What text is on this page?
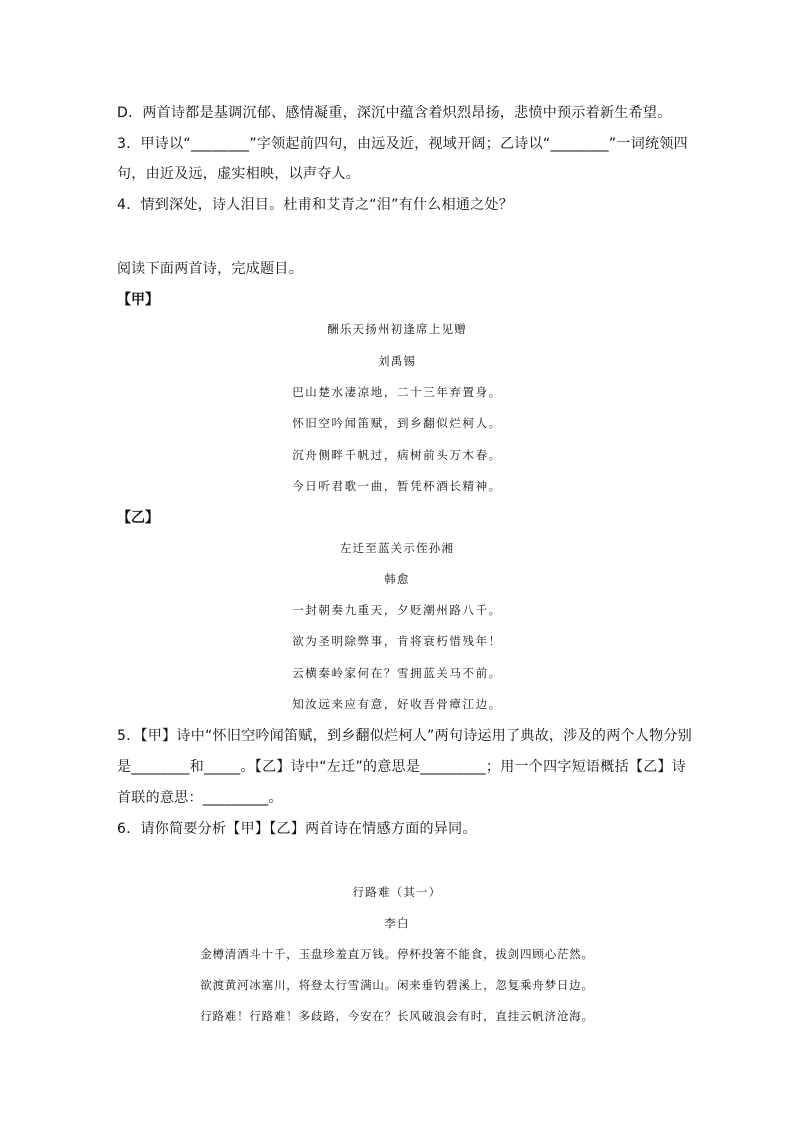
D．两首诗都是基调沉郁、感情凝重，深沉中蕴含着炽烈昂扬，悲愤中预示着新生希望。
3．甲诗以“________”字领起前四句，由远及近，视域开阔；乙诗以“________”一词统领四
句，由近及远，虚实相映，以声夺人。
4．情到深处，诗人泪目。杜甫和艾青之“泪”有什么相通之处？
阅读下面两首诗，完成题目。
【甲】
酬乐天扬州初逢席上见赠
刘禹锡
巴山楚水凄凉地，二十三年弃置身。
怀旧空吟闻笛赋，到乡翻似烂柯人。
沉舟侧畔千帆过，病树前头万木春。
今日听君歌一曲，暂凭杯酒长精神。
【乙】
左迁至蓝关示侄孙湘
韩愈
一封朝奏九重天，夕贬潮州路八千。
欲为圣明除弊事，肯将衰朽惜残年！
云横秦岭家何在？雪拥蓝关马不前。
知汝远来应有意，好收吾骨瘴江边。
5．【甲】诗中“怀旧空吟闻笛赋，到乡翻似烂柯人”两句诗运用了典故，涉及的两个人物分别
是________和_____。【乙】诗中“左迁”的意思是_________；用一个四字短语概括【乙】诗
首联的意思：_________。
6．请你简要分析【甲】【乙】两首诗在情感方面的异同。
行路难（其一）
李白
金樽清酒斗十千，玉盘珍羞直万钱。停杯投箸不能食，拔剑四顾心茫然。
欲渡黄河冰塞川，将登太行雪满山。闲来垂钓碧溪上，忽复乘舟梦日边。
行路难！行路难！多歧路，今安在？长风破浪会有时，直挂云帆济沧海。
